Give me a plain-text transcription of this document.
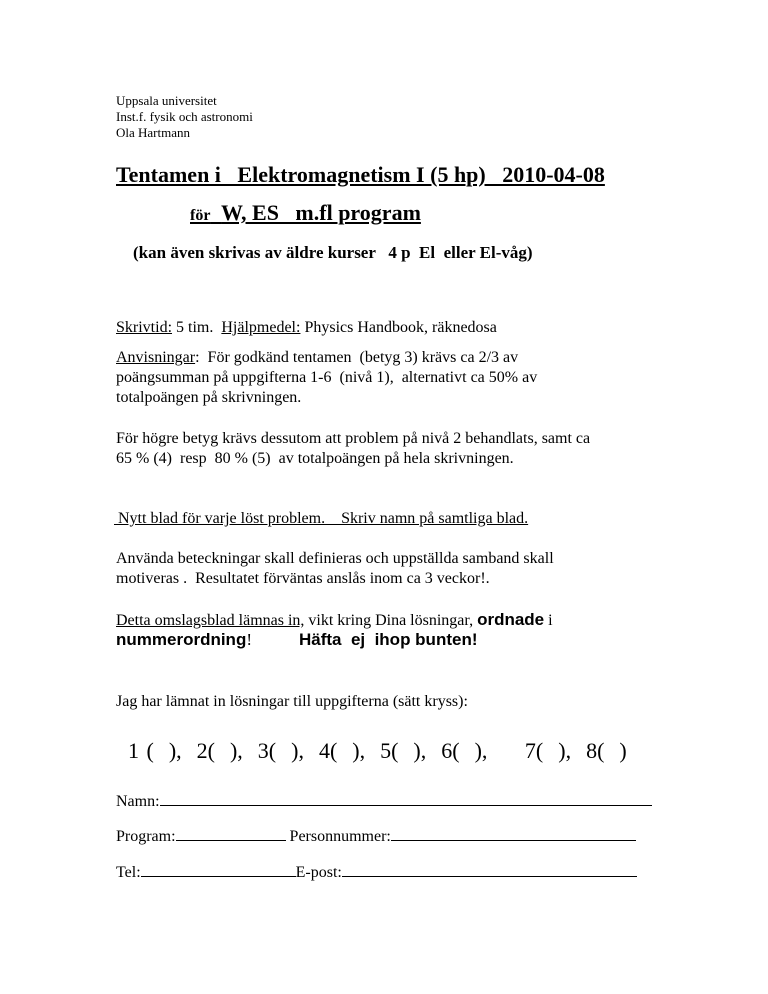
Uppsala universitet
Inst.f. fysik och astronomi
Ola Hartmann
Tentamen i   Elektromagnetism I (5 hp)   2010-04-08
för W, ES   m.fl program
(kan även skrivas av äldre kurser   4 p  El  eller El-våg)
Skrivtid: 5 tim.  Hjälpmedel: Physics Handbook, räknedosa
Anvisningar:  För godkänd tentamen  (betyg 3) krävs ca 2/3 av
poängsumman på uppgifterna 1-6  (nivå 1),  alternativt ca 50% av
totalpoängen på skrivningen.
För högre betyg krävs dessutom att problem på nivå 2 behandlats, samt ca
65 % (4)  resp  80 % (5)  av totalpoängen på hela skrivningen.
Nytt blad för varje löst problem.    Skriv namn på samtliga blad.
Använda beteckningar skall definieras och uppställda samband skall
motiveras .  Resultatet förväntas anslås inom ca 3 veckor!.
Detta omslagsblad lämnas in, vikt kring Dina lösningar, ordnade i
nummerordning!	Häfta  ej  ihop bunten!
Jag har lämnat in lösningar till uppgifterna (sätt kryss):
1 (  ),  2(  ),  3(  ),  4(  ),  5(  ),  6(  ),     7(  ),  8(  )
Namn:
Program:	Personnummer:
Tel:	E-post:
